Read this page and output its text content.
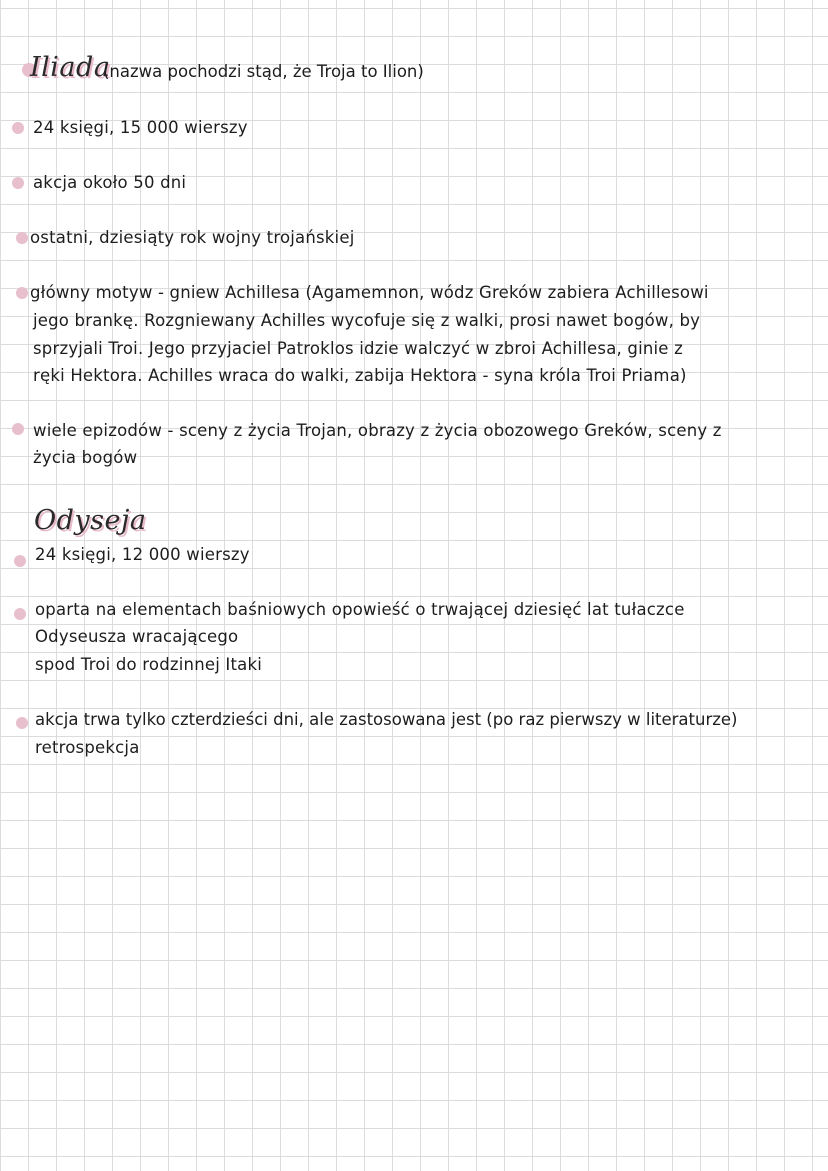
Iliada
(nazwa pochodzi stąd, że Troja to Ilion)
24 księgi, 15 000 wierszy
akcja około 50 dni
ostatni, dziesiąty rok wojny trojańskiej
główny motyw - gniew Achillesa (Agamemnon, wódz Greków zabiera Achillesowi
jego brankę. Rozgniewany Achilles wycofuje się z walki, prosi nawet bogów, by
sprzyjali Troi. Jego przyjaciel Patroklos idzie walczyć w zbroi Achillesa, ginie z
ręki Hektora. Achilles wraca do walki, zabija Hektora - syna króla Troi Priama)
wiele epizodów - sceny z życia Trojan, obrazy z życia obozowego Greków, sceny z
życia bogów
Odyseja
24 księgi, 12 000 wierszy
oparta na elementach baśniowych opowieść o trwającej dziesięć lat tułaczce
Odyseusza wracającego
spod Troi do rodzinnej Itaki
akcja trwa tylko czterdzieści dni, ale zastosowana jest (po raz pierwszy w literaturze)
retrospekcja
